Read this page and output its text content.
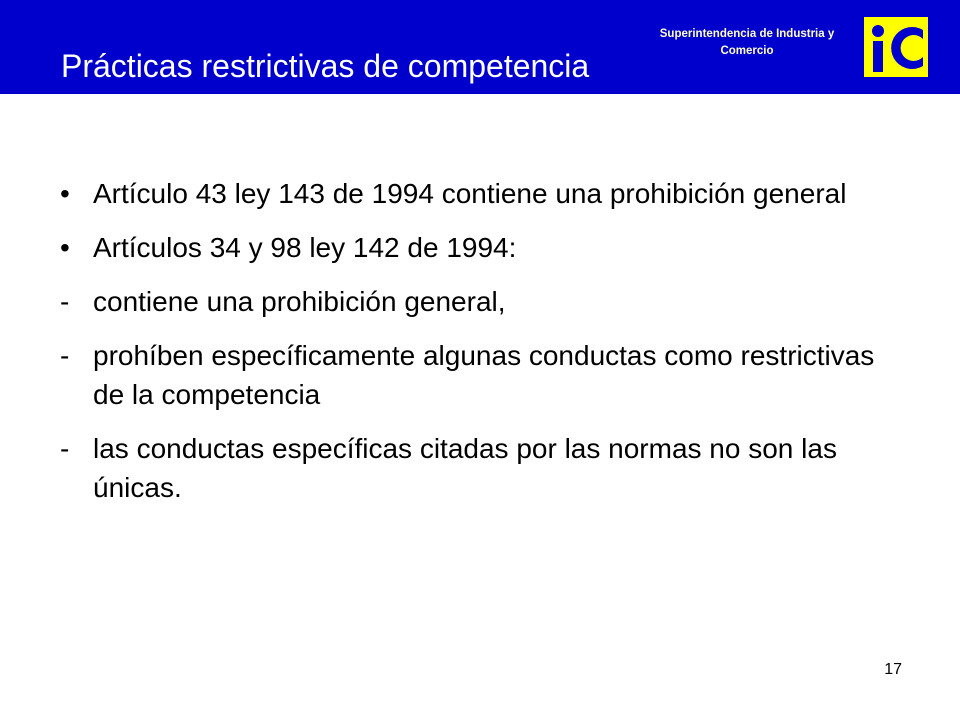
Prácticas restrictivas de competencia
Superintendencia de Industria y Comercio
• Artículo 43 ley 143 de 1994 contiene una prohibición general
• Artículos 34 y 98 ley 142 de 1994:
- contiene una prohibición general,
- prohíben específicamente algunas conductas como restrictivas de la competencia
- las conductas específicas citadas por las normas no son las únicas.
17
